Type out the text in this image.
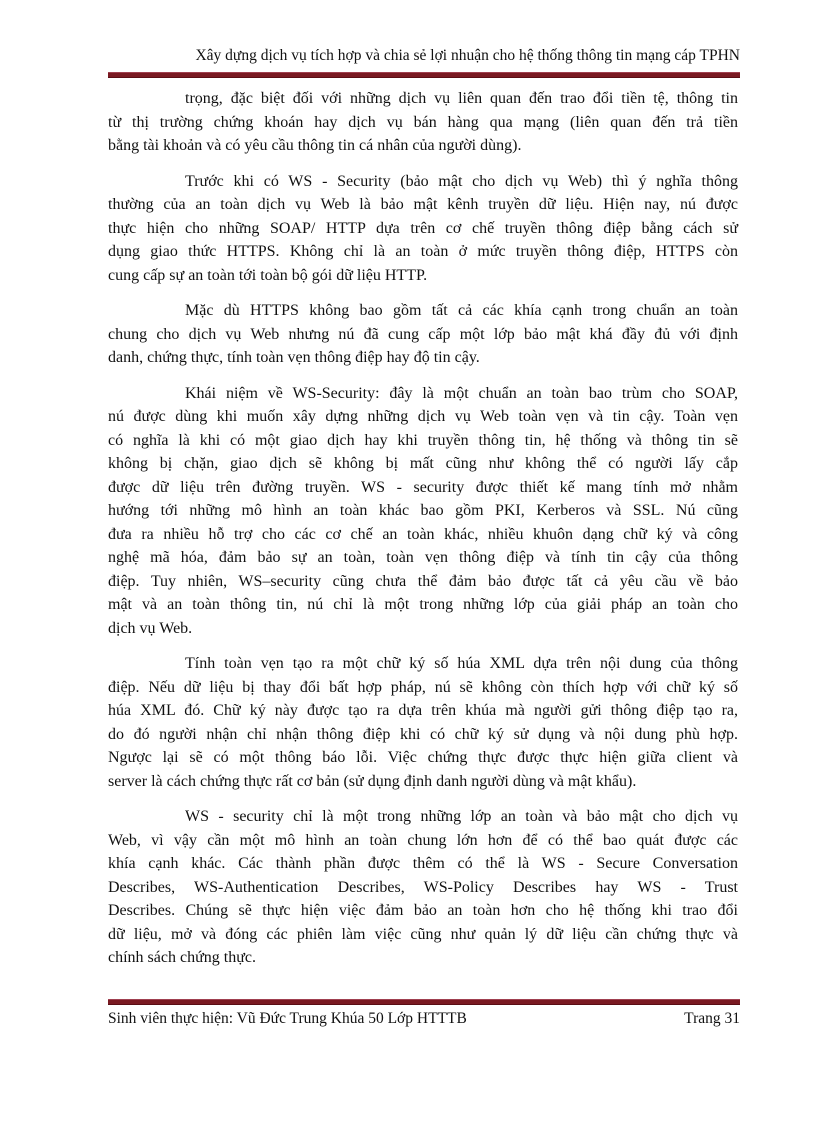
Xây dựng dịch vụ tích hợp và chia sẻ lợi nhuận cho hệ thống thông tin mạng cáp TPHN
trọng, đặc biệt đối với những dịch vụ liên quan đến trao đổi tiền tệ, thông tin
từ thị trường chứng khoán hay dịch vụ bán hàng qua mạng (liên quan đến trả tiền
bằng tài khoản và có yêu cầu thông tin cá nhân của người dùng).
Trước khi có WS - Security (bảo mật cho dịch vụ Web) thì ý nghĩa thông
thường của an toàn dịch vụ Web là bảo mật kênh truyền dữ liệu. Hiện nay, nú được
thực hiện cho những SOAP/ HTTP dựa trên cơ chế truyền thông điệp bằng cách sử
dụng giao thức HTTPS. Không chỉ là an toàn ở mức truyền thông điệp, HTTPS còn
cung cấp sự an toàn tới toàn bộ gói dữ liệu HTTP.
Mặc dù HTTPS không bao gồm tất cả các khía cạnh trong chuẩn an toàn
chung cho dịch vụ Web nhưng nú đã cung cấp một lớp bảo mật khá đầy đủ với định
danh, chứng thực, tính toàn vẹn thông điệp hay độ tin cậy.
Khái niệm về WS-Security: đây là một chuẩn an toàn bao trùm cho SOAP,
nú được dùng khi muốn xây dựng những dịch vụ Web toàn vẹn và tin cậy. Toàn vẹn
có nghĩa là khi có một giao dịch hay khi truyền thông tin, hệ thống và thông tin sẽ
không bị chặn, giao dịch sẽ không bị mất cũng như không thể có người lấy cắp
được dữ liệu trên đường truyền. WS - security được thiết kế mang tính mở nhằm
hướng tới những mô hình an toàn khác bao gồm PKI, Kerberos và SSL. Nú cũng
đưa ra nhiều hỗ trợ cho các cơ chế an toàn khác, nhiều khuôn dạng chữ ký và công
nghệ mã hóa, đảm bảo sự an toàn, toàn vẹn thông điệp và tính tin cậy của thông
điệp. Tuy nhiên, WS–security cũng chưa thể đảm bảo được tất cả yêu cầu về bảo
mật và an toàn thông tin, nú chỉ là một trong những lớp của giải pháp an toàn cho
dịch vụ Web.
Tính toàn vẹn tạo ra một chữ ký số húa XML dựa trên nội dung của thông
điệp. Nếu dữ liệu bị thay đổi bất hợp pháp, nú sẽ không còn thích hợp với chữ ký số
húa XML đó. Chữ ký này được tạo ra dựa trên khúa mà người gửi thông điệp tạo ra,
do đó người nhận chỉ nhận thông điệp khi có chữ ký sử dụng và nội dung phù hợp.
Ngược lại sẽ có một thông báo lỗi. Việc chứng thực được thực hiện giữa client và
server là cách chứng thực rất cơ bản (sử dụng định danh người dùng và mật khẩu).
WS - security chỉ là một trong những lớp an toàn và bảo mật cho dịch vụ
Web, vì vậy cần một mô hình an toàn chung lớn hơn để có thể bao quát được các
khía cạnh khác. Các thành phần được thêm có thể là WS - Secure Conversation
Describes, WS-Authentication Describes, WS-Policy Describes hay WS - Trust
Describes. Chúng sẽ thực hiện việc đảm bảo an toàn hơn cho hệ thống khi trao đổi
dữ liệu, mở và đóng các phiên làm việc cũng như quản lý dữ liệu cần chứng thực và
chính sách chứng thực.
Sinh viên thực hiện: Vũ Đức Trung Khúa 50 Lớp HTTTB	Trang 31
